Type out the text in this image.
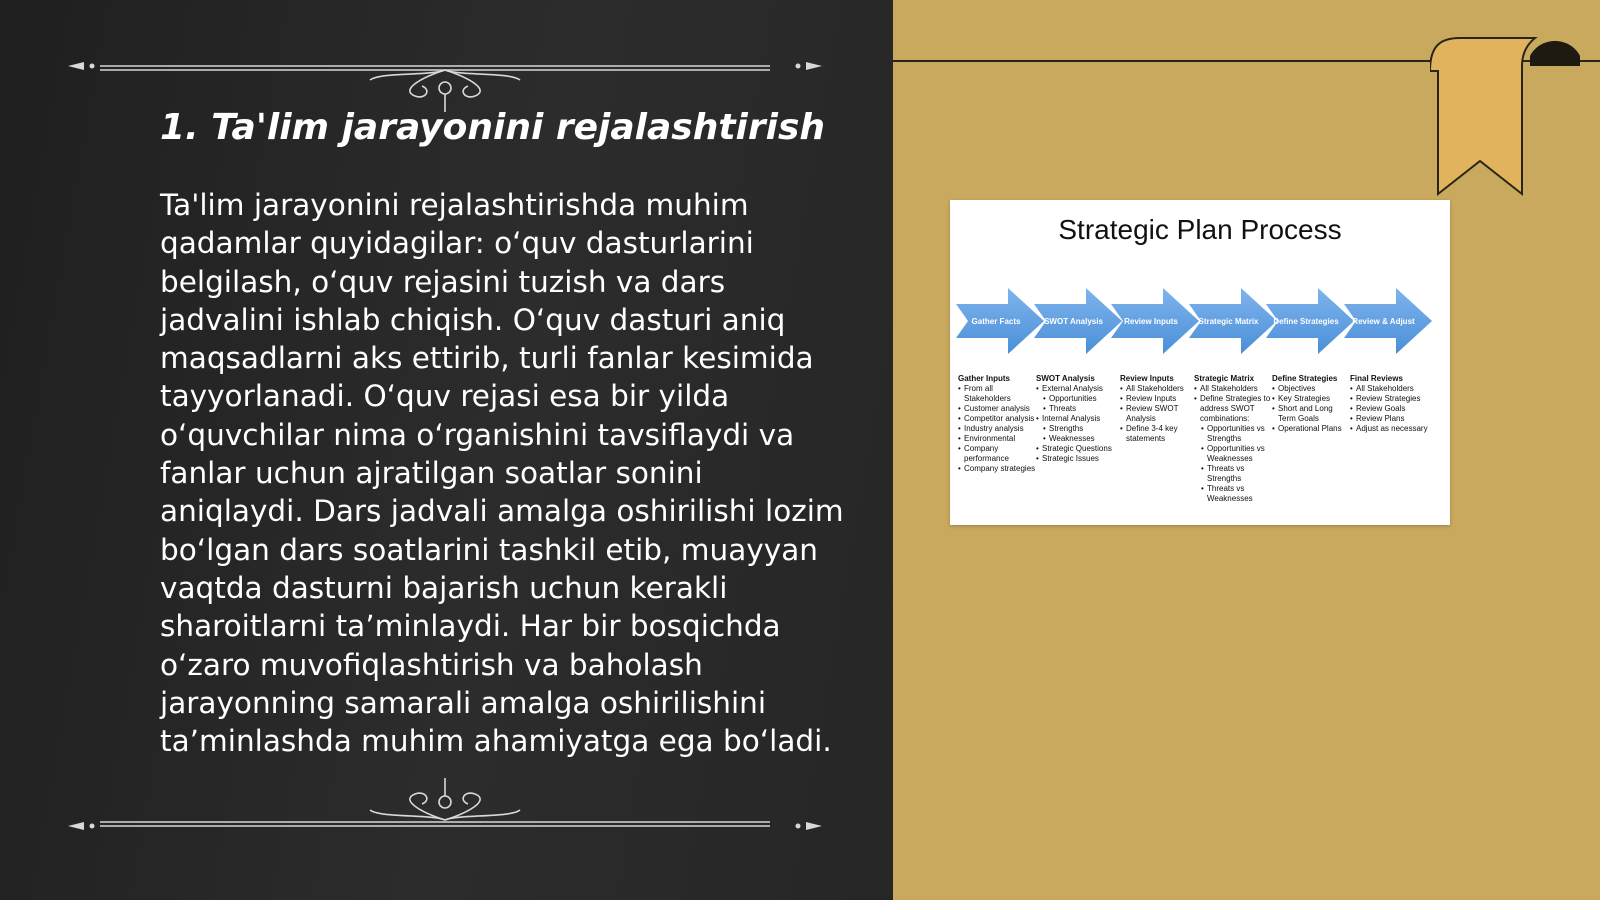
1. Ta'lim jarayonini rejalashtirish

Ta'lim jarayonini rejalashtirishda muhim qadamlar quyidagilar: o‘quv dasturlarini belgilash, o‘quv rejasini tuzish va dars jadvalini ishlab chiqish. O‘quv dasturi aniq maqsadlarni aks ettirib, turli fanlar kesimida tayyorlanadi. O‘quv rejasi esa bir yilda o‘quvchilar nima o‘rganishini tavsiflaydi va fanlar uchun ajratilgan soatlar sonini aniqlaydi. Dars jadvali amalga oshirilishi lozim bo‘lgan dars soatlarini tashkil etib, muayyan vaqtda dasturni bajarish uchun kerakli sharoitlarni ta’minlaydi. Har bir bosqichda o‘zaro muvofiqlashtirish va baholash jarayonning samarali amalga oshirilishini ta’minlashda muhim ahamiyatga ega bo‘ladi.

Strategic Plan Process
Gather Facts	SWOT Analysis	Review Inputs	Strategic Matrix	Define Strategies	Review & Adjust
Gather Inputs
• From all Stakeholders
• Customer analysis
• Competitor analysis
• Industry analysis
• Environmental
• Company performance
• Company strategies
SWOT Analysis
• External Analysis
• Opportunities
• Threats
• Internal Analysis
• Strengths
• Weaknesses
• Strategic Questions
• Strategic Issues
Review Inputs
• All Stakeholders
• Review Inputs
• Review SWOT Analysis
• Define 3-4 key statements
Strategic Matrix
• All Stakeholders
• Define Strategies to address SWOT combinations:
• Opportunities vs Strengths
• Opportunities vs Weaknesses
• Threats vs Strengths
• Threats vs Weaknesses
Define Strategies
• Objectives
• Key Strategies
• Short and Long Term Goals
• Operational Plans
Final Reviews
• All Stakeholders
• Review Strategies
• Review Goals
• Review Plans
• Adjust as necessary
